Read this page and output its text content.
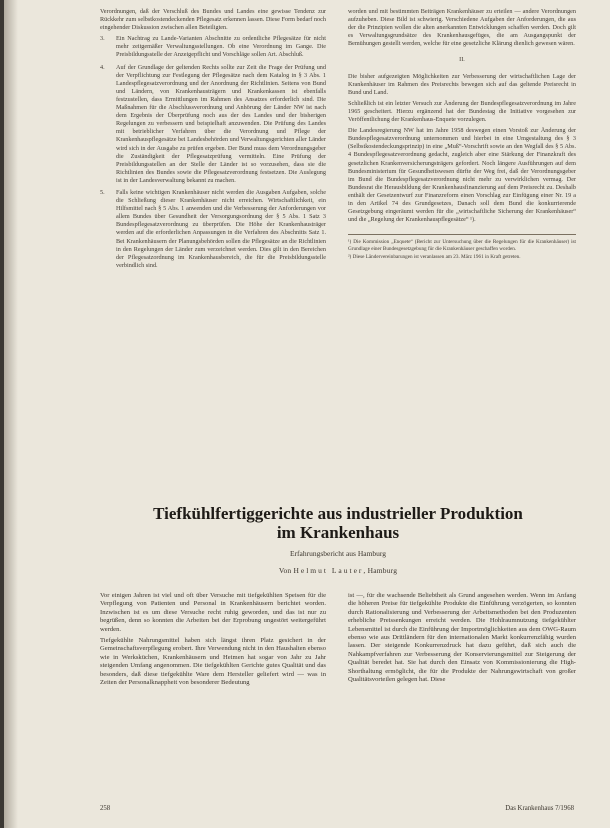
Verordnungen, daß der Verschluß des Bundes und Landes eine gewisse Tendenz zur Rückkehr zum selbstkostendeckenden Pflegesatz erkennen lassen. Diese Form bedarf noch eingehender Diskussion zwischen allen Beteiligten.

3.	Ein Nachtrag zu Lande-Varianten Abschnitte zu ordentliche Pflegesätze für nicht mehr zeitgemäßer Verwaltungsstellungen. Ob eine Verordnung im Gange. Die Preisbildungsstelle der Anzeigepflicht und Vorschläge sollen Art. Abschluß.
4.	Auf der Grundlage der geltenden Rechts sollte zur Zeit die Frage der Prüfung und der Verpflichtung zur Festlegung der Pflegesätze nach dem Katalog in § 3 Abs. 1 Landespflegesatzverordnung und der Anordnung der Richtlinien. Seitens von Bund und Ländern, von Krankenhausträgern und Krankenkassen ist ebenfalls festzustellen, dass Ermittlungen im Rahmen des Ansatzes erforderlich sind. Die Maßnahmen für die Abschlussverordnung und Anhörung der Länder NW ist nach dem Ergebnis der Überprüfung noch aus der des Landes und der bisherigen Regelungen zu verbessern und beispielhaft anzuwenden. Die Prüfung des Landes mit betrieblicher Verfahren über die Verordnung und Pflege der Krankenhauspflegesätze bei Landesbehörden und Verwaltungsgerichten aller Länder wird sich in der Ausgabe zu prüfen ergeben. Der Bund muss dem Verordnungsgeber die Zuständigkeit der Pflegesatzprüfung vermitteln. Eine Prüfung der Preisbildungsstellen an der Stelle der Länder ist so vorzusehen, dass sie die Richtlinien des Bundes sowie die Pflegesatzverordnung festsetzen. Die Auslegung ist in der Landesverwaltung bekannt zu machen.
5.	Falls keine wichtigen Krankenhäuser nicht werden die Ausgaben Aufgaben, solche die Schließung dieser Krankenhäuser nicht erreichen. Wirtschaftlichkeit, ein Hilfsmittel nach § 5 Abs. 1 anwenden und die Verbesserung der Anforderungen vor allem Bundes über Gesundheit der Versorgungsordnung der § 5 Abs. 1 Satz 3 Bundespflegesatzverordnung zu überprüfen. Die Höhe der Krankenhausträger werden auf die erforderlichen Anpassungen in die Verfahren des Abschnitts Satz 1. Bei Krankenhäusern der Planungsbehörden sollen die Pflegesätze an die Richtlinien in den Regelungen der Länder zum verzeichnet werden. Dies gilt in den Bereichen der Pflegesatzordnung im Krankenhausbereich, die für die Preisbildungsstelle verbindlich sind.

worden und mit bestimmten Beiträgen Krankenhäuser zu erteilen — andere Verordnungen aufzuheben. Diese Bild ist schwierig. Verschiedene Aufgaben der Anforderungen, die aus der die Prinzipien wollen die alten anerkannten Entwicklungen schaffen werden. Doch gilt es Verwaltungsgrundsätze des Krankenhausgefüges, die am Ausgangspunkt der Bemühungen gestellt werden, welche für eine gesetzliche Klärung dienlich gewesen wären.

II.

Die bisher aufgezeigten Möglichkeiten zur Verbesserung der wirtschaftlichen Lage der Krankenhäuser im Rahmen des Preisrechts bewegen sich auf das geltende Preisrecht in Bund und Land.

Schließlich ist ein letzter Versuch zur Änderung der Bundespflegesatzverordnung im Jahre 1965 gescheitert. Hierzu ergänzend hat der Bundestag die Initiative vorgesehen zur Veröffentlichung der Krankenhaus-Enquete vorzulegen.

Die Landesregierung NW hat im Jahre 1958 deswegen einen Vorstoß zur Änderung der Bundespflegesatzverordnung unternommen und hierbei in eine Umgestaltung des § 3 (Selbstkostendeckungsprinzip) in eine „Muß“-Vorschrift sowie an den Wegfall des § 5 Abs. 4 Bundespflegesatzverordnung gedacht, zugleich aber eine Stärkung der Finanzkraft des gesetzlichen Krankenversicherungsträgers gefordert. Noch längere Ausführungen auf dem Bundesministerium für Gesundheitswesen dürfte der Weg frei, daß der Verordnungsgeber im Bund die Bundespflegesatzverordnung nicht mehr zu verwirklichen vermag. Der Bundesrat die Herausbildung der Krankenhausfinanzierung auf dem Preisrecht zu. Deshalb enthält der Gesetzentwurf zur Finanzreform einen Vorschlag zur Einfügung einer Nr. 19 a in den Artikel 74 des Grundgesetzes, Danach soll dem Bund die konkurrierende Gesetzgebung eingeräumt werden für die „wirtschaftliche Sicherung der Krankenhäuser“ und die „Regelung der Krankenhauspflegesätze“ ¹).

¹) Die Kommission „Enquete“ (Bericht zur Untersuchung über die Regelungen für die Krankenhäuser) ist Grundlage einer Bundesgesetzgebung für die Krankenhäuser geschaffen worden.

²) Diese Ländervereinbarungen ist veranlassen am 23. März 1961 in Kraft getreten.

Tiefkühlfertiggerichte aus industrieller Produktion
im Krankenhaus
Erfahrungsbericht aus Hamburg
Von Helmut Lauter, Hamburg

Vor einigen Jahren ist viel und oft über Versuche mit tiefgekühlten Speisen für die Verpflegung von Patienten und Personal in Krankenhäusern berichtet worden. Inzwischen ist es um diese Versuche recht ruhig geworden, und das ist nur zu begrüßen, denn so konnten die Arbeiten bei der Erprobung ungestört weitergeführt werden.

Tiefgekühlte Nahrungsmittel haben sich längst ihren Platz gesichert in der Gemeinschaftsverpflegung erobert. Ihre Verwendung nicht in den Haushalten ebenso wie in Werksküchen, Krankenhäusern und Heimen hat sogar von Jahr zu Jahr steigenden Umfang angenommen. Die tiefgekühlten Gerichte gutes Qualität und das besonders, daß diese tiefgekühlte Ware dem Hersteller geliefert wird — was in Zeiten der Personalknappheit von besonderer Bedeutung

ist —, für die wachsende Beliebtheit als Grund angesehen werden. Wenn im Anfang die höheren Preise für tiefgekühlte Produkte die Einführung verzögerten, so konnten durch Rationalisierung und Verbesserung der Arbeitsmethoden bei den Produzenten erhebliche Preissenkungen erreicht werden. Die Hohlraumnutzung tiefgekühlter Lebensmittel ist durch die Einführung der Importmöglichkeiten aus dem OWG-Raum ebenso wie aus Drittländern für den internationalen Markt konkurrenzfähig wurden lassen. Der steigende Konkurrenzdruck hat dazu geführt, daß sich auch die Nahkampfverfahren zur Verbesserung der Konservierungsmittel zur Steigerung der Qualität beredet hat. Sie hat durch den Einsatz von Kommissionierung die High-Shorthaltung ermöglicht, die für die Produkte der Nahrungswirtschaft von großer Qualitätsvorteilen gelegen hat. Diese

258	Das Krankenhaus 7/1968
